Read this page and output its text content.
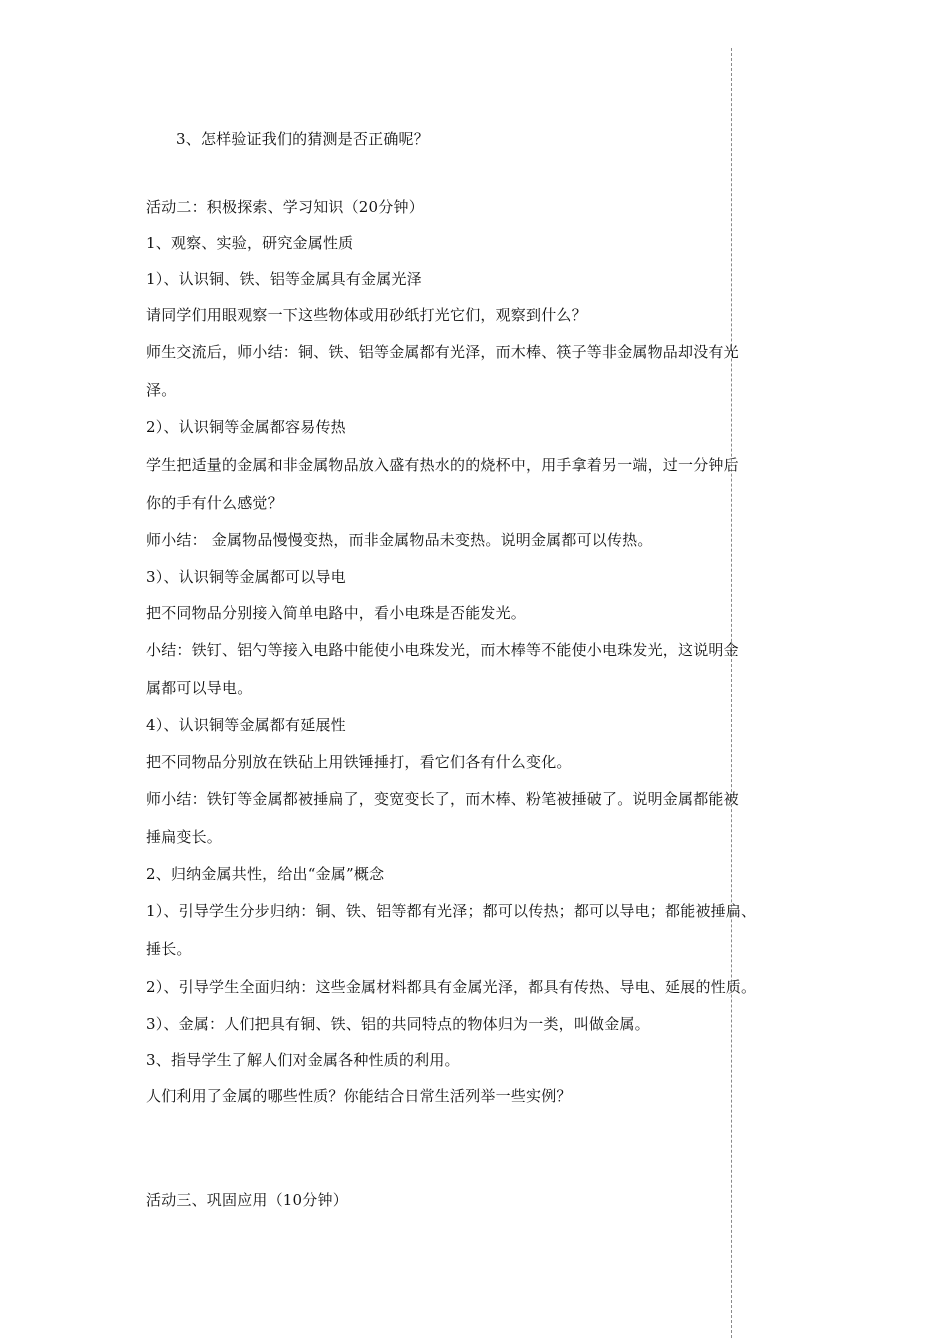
3、怎样验证我们的猜测是否正确呢？
活动二：积极探索、学习知识（20分钟）
1、观察、实验，研究金属性质
1）、认识铜、铁、铝等金属具有金属光泽
请同学们用眼观察一下这些物体或用砂纸打光它们，观察到什么？
师生交流后，师小结：铜、铁、铝等金属都有光泽，而木棒、筷子等非金属物品却没有光
泽。
2）、认识铜等金属都容易传热
学生把适量的金属和非金属物品放入盛有热水的的烧杯中，用手拿着另一端，过一分钟后
你的手有什么感觉？
师小结： 金属物品慢慢变热，而非金属物品未变热。说明金属都可以传热。
3）、认识铜等金属都可以导电
把不同物品分别接入简单电路中，看小电珠是否能发光。
小结：铁钉、铝勺等接入电路中能使小电珠发光，而木棒等不能使小电珠发光，这说明金
属都可以导电。
4）、认识铜等金属都有延展性
把不同物品分别放在铁砧上用铁锤捶打，看它们各有什么变化。
师小结：铁钉等金属都被捶扁了，变宽变长了，而木棒、粉笔被捶破了。说明金属都能被
捶扁变长。
2、归纳金属共性，给出“金属”概念
1）、引导学生分步归纳：铜、铁、铝等都有光泽；都可以传热；都可以导电；都能被捶扁、
捶长。
2）、引导学生全面归纳：这些金属材料都具有金属光泽，都具有传热、导电、延展的性质。
3）、金属：人们把具有铜、铁、铝的共同特点的物体归为一类，叫做金属。
3、指导学生了解人们对金属各种性质的利用。
人们利用了金属的哪些性质？你能结合日常生活列举一些实例？
活动三、巩固应用（10分钟）
